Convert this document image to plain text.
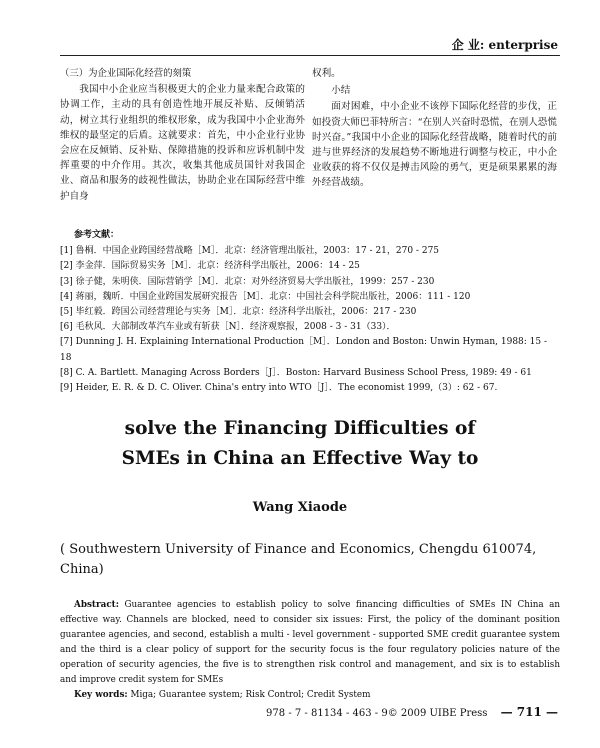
企 业: enterprise
（三）为企业国际化经营的刻策

我国中小企业应当积极更大的企业力量来配合政策的协调工作，主动的具有创造性地开展反补贴、反倾销活动，树立其行业组织的维权形象，成为我国中小企业海外维权的最坚定的后盾。这就要求：首先，中小企业行业协会应在反倾销、反补贴、保障措施的投诉和应诉机制中发挥重要的中介作用。其次，收集其他成员国针对我国企业、商品和服务的歧视性做法，协助企业在国际经营中维护自身

权利。

小结

面对困难，中小企业不该停下国际化经营的步伐，正如投资大师巴菲特所言：“在别人兴奋时恐慌，在别人恐慌时兴奋。”我国中小企业的国际化经营战略，随着时代的前进与世界经济的发展趋势不断地进行调整与校正，中小企业收获的将不仅仅是搏击风险的勇气，更是硕果累累的海外经营战绩。

参考文献：

[1] 鲁桐．中国企业跨国经营战略［M］．北京：经济管理出版社，2003：17 - 21，270 - 275

[2] 李金萍．国际贸易实务［M］．北京：经济科学出版社，2006：14 - 25

[3] 徐子健，朱明侠．国际营销学［M］．北京：对外经济贸易大学出版社，1999：257 - 230

[4] 蒋丽，魏昕．中国企业跨国发展研究报告［M］．北京：中国社会科学院出版社，2006：111 - 120

[5] 毕红毅．跨国公司经营理论与实务［M］．北京：经济科学出版社，2006：217 - 230

[6] 毛秋风．大部制改革汽车业或有斩获［N］．经济观察报，2008 - 3 - 31（33）．

[7] Dunning J. H. Explaining International Production［M］．London and Boston: Unwin Hyman, 1988: 15 - 18

[8] C. A. Bartlett. Managing Across Borders［J］．Boston: Harvard Business School Press, 1989: 49 - 61

[9] Heider, E. R. & D. C. Oliver. China's entry into WTO［J］．The economist 1999,（3）: 62 - 67.

solve the Financing Difficulties of
SMEs in China an Effective Way to
Wang Xiaode
( Southwestern University of Finance and Economics, Chengdu 610074, China)

Abstract: Guarantee agencies to establish policy to solve financing difficulties of SMEs IN China an effective way. Channels are blocked, need to consider six issues: First, the policy of the dominant position guarantee agencies, and second, establish a multi - level government - supported SME credit guarantee system and the third is a clear policy of support for the security focus is the four regulatory policies nature of the operation of security agencies, the five is to strengthen risk control and management, and six is to establish and improve credit system for SMEs

Key words: Miga; Guarantee system; Risk Control; Credit System

978 - 7 - 81134 - 463 - 9© 2009 UIBE Press — 711 —
